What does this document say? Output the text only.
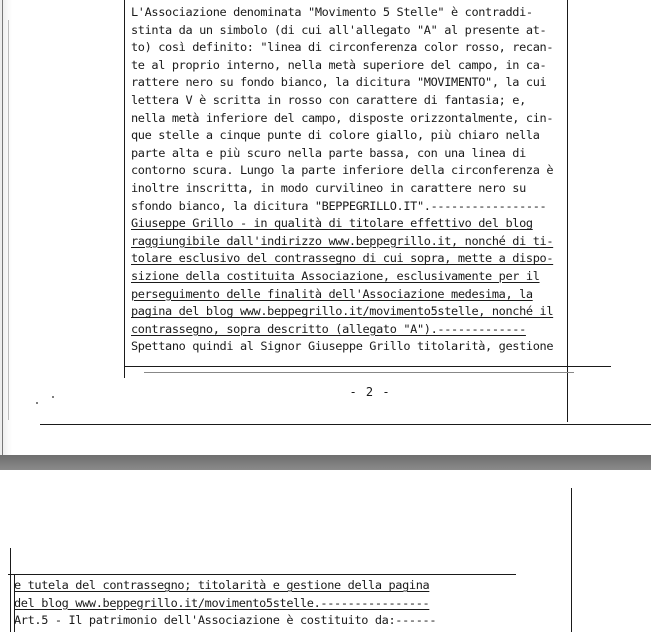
L'Associazione denominata "Movimento 5 Stelle" è contraddi-
stinta da un simbolo (di cui all'allegato "A" al presente at-
to) così definito: "linea di circonferenza color rosso, recan-
te al proprio interno, nella metà superiore del campo, in ca-
rattere nero su fondo bianco, la dicitura "MOVIMENTO", la cui
lettera V è scritta in rosso con carattere di fantasia; e,
nella metà inferiore del campo, disposte orizzontalmente, cin-
que stelle a cinque punte di colore giallo, più chiaro nella
parte alta e più scuro nella parte bassa, con una linea di
contorno scura. Lungo la parte inferiore della circonferenza è
inoltre inscritta, in modo curvilineo in carattere nero su
sfondo bianco, la dicitura "BEPPEGRILLO.IT".-----------------
Giuseppe Grillo - in qualità di titolare effettivo del blog
raggiungibile dall'indirizzo www.beppegrillo.it, nonché di ti-
tolare esclusivo del contrassegno di cui sopra, mette a dispo-
sizione della costituita Associazione, esclusivamente per il
perseguimento delle finalità dell'Associazione medesima, la
pagina del blog www.beppegrillo.it/movimento5stelle, nonché il
contrassegno, sopra descritto (allegato "A").-------------
Spettano quindi al Signor Giuseppe Grillo titolarità, gestione
- 2 -
e tutela del contrassegno; titolarità e gestione della pagina
del blog www.beppegrillo.it/movimento5stelle.----------------
Art.5 - Il patrimonio dell'Associazione è costituito da:------
